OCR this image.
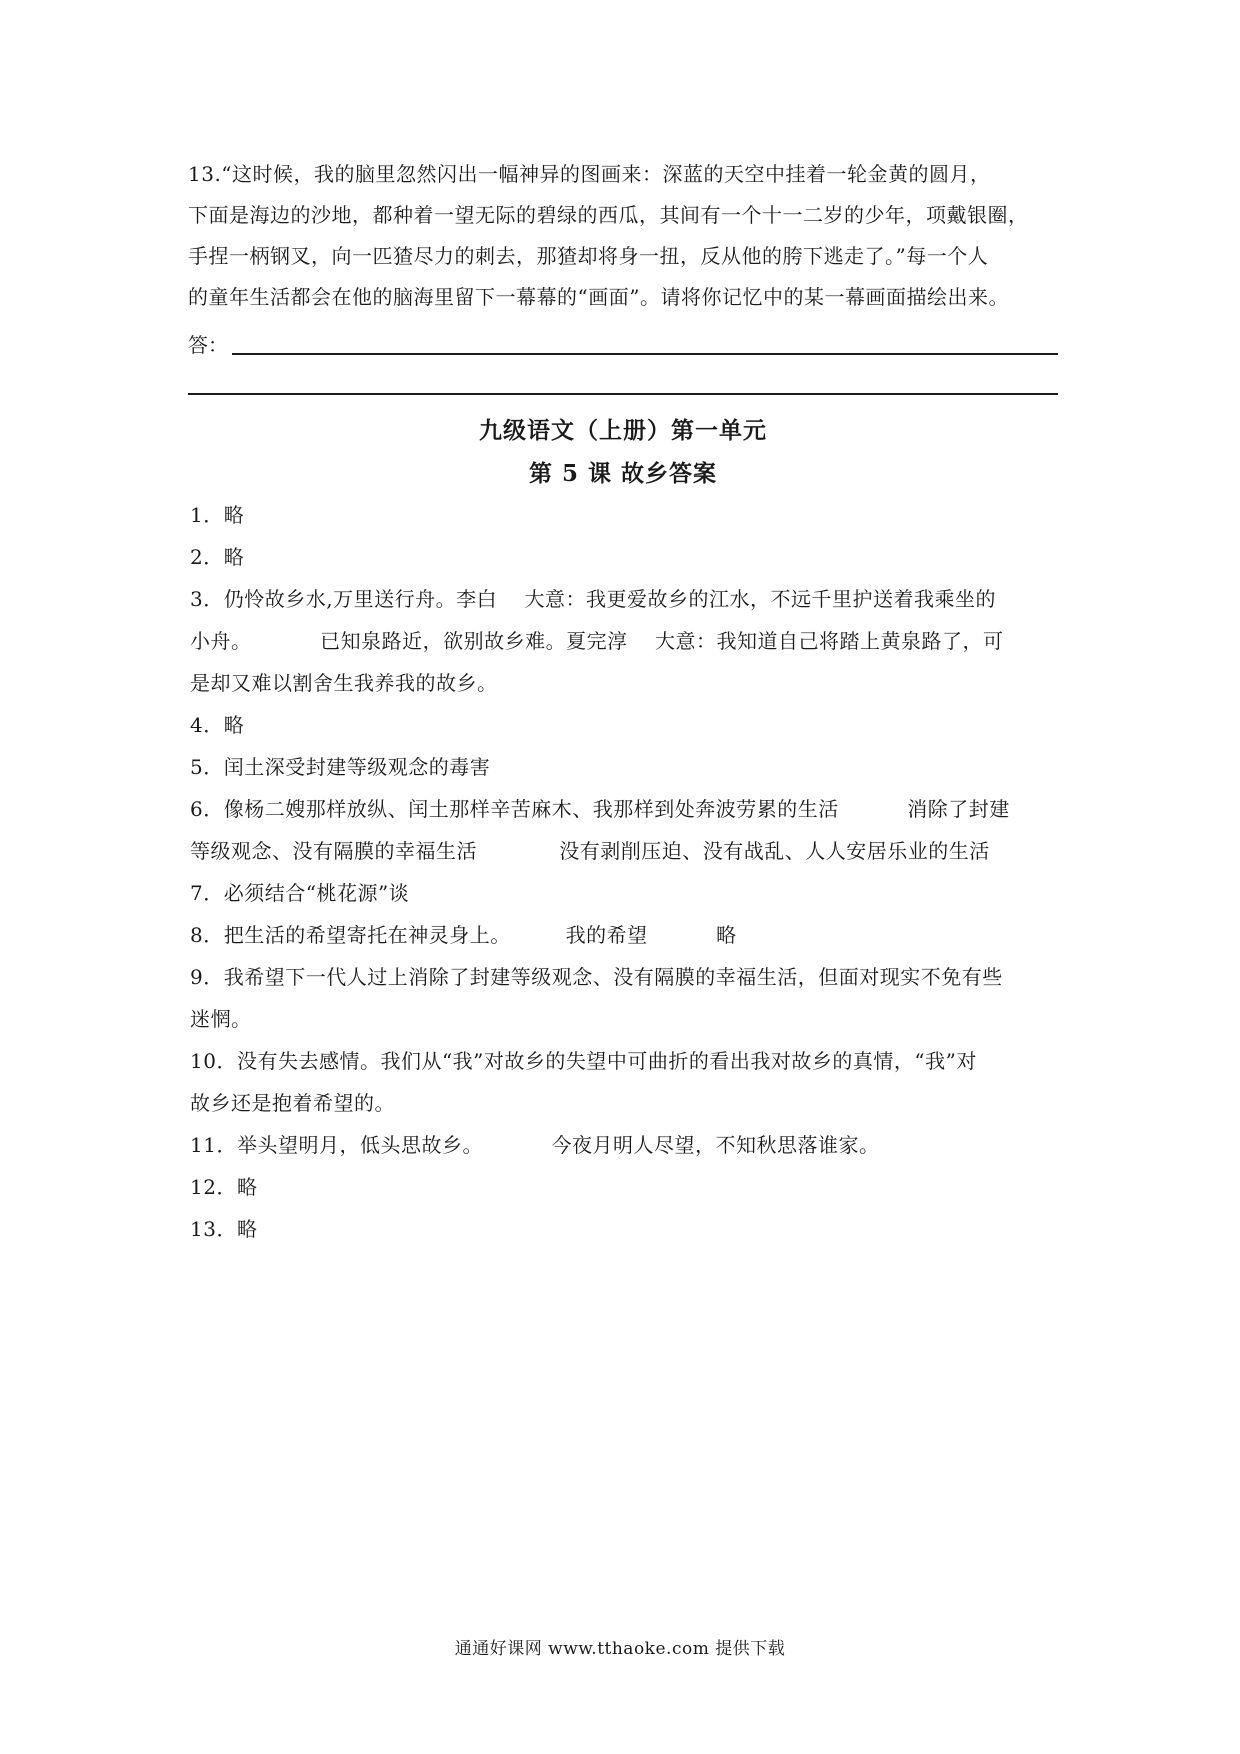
13.“这时候，我的脑里忽然闪出一幅神异的图画来：深蓝的天空中挂着一轮金黄的圆月，

下面是海边的沙地，都种着一望无际的碧绿的西瓜，其间有一个十一二岁的少年，项戴银圈，

手捏一柄钢叉，向一匹猹尽力的刺去，那猹却将身一扭，反从他的胯下逃走了。”每一个人

的童年生活都会在他的脑海里留下一幕幕的“画面”。请将你记忆中的某一幕画面描绘出来。

答：
九级语文（上册）第一单元
第 5 课 故乡答案

1．略

2．略

3．仍怜故乡水,万里送行舟。李白    大意：我更爱故乡的江水，不远千里护送着我乘坐的

小舟。          已知泉路近，欲别故乡难。夏完淳    大意：我知道自己将踏上黄泉路了，可

是却又难以割舍生我养我的故乡。

4．略

5．闰土深受封建等级观念的毒害

6．像杨二嫂那样放纵、闰土那样辛苦麻木、我那样到处奔波劳累的生活          消除了封建

等级观念、没有隔膜的幸福生活            没有剥削压迫、没有战乱、人人安居乐业的生活

7．必须结合“桃花源”谈

8．把生活的希望寄托在神灵身上。        我的希望          略

9．我希望下一代人过上消除了封建等级观念、没有隔膜的幸福生活，但面对现实不免有些

迷惘。

10．没有失去感情。我们从“我”对故乡的失望中可曲折的看出我对故乡的真情，“我”对

故乡还是抱着希望的。

11．举头望明月，低头思故乡。          今夜月明人尽望，不知秋思落谁家。

12．略

13．略

通通好课网 www.tthaoke.com 提供下载
